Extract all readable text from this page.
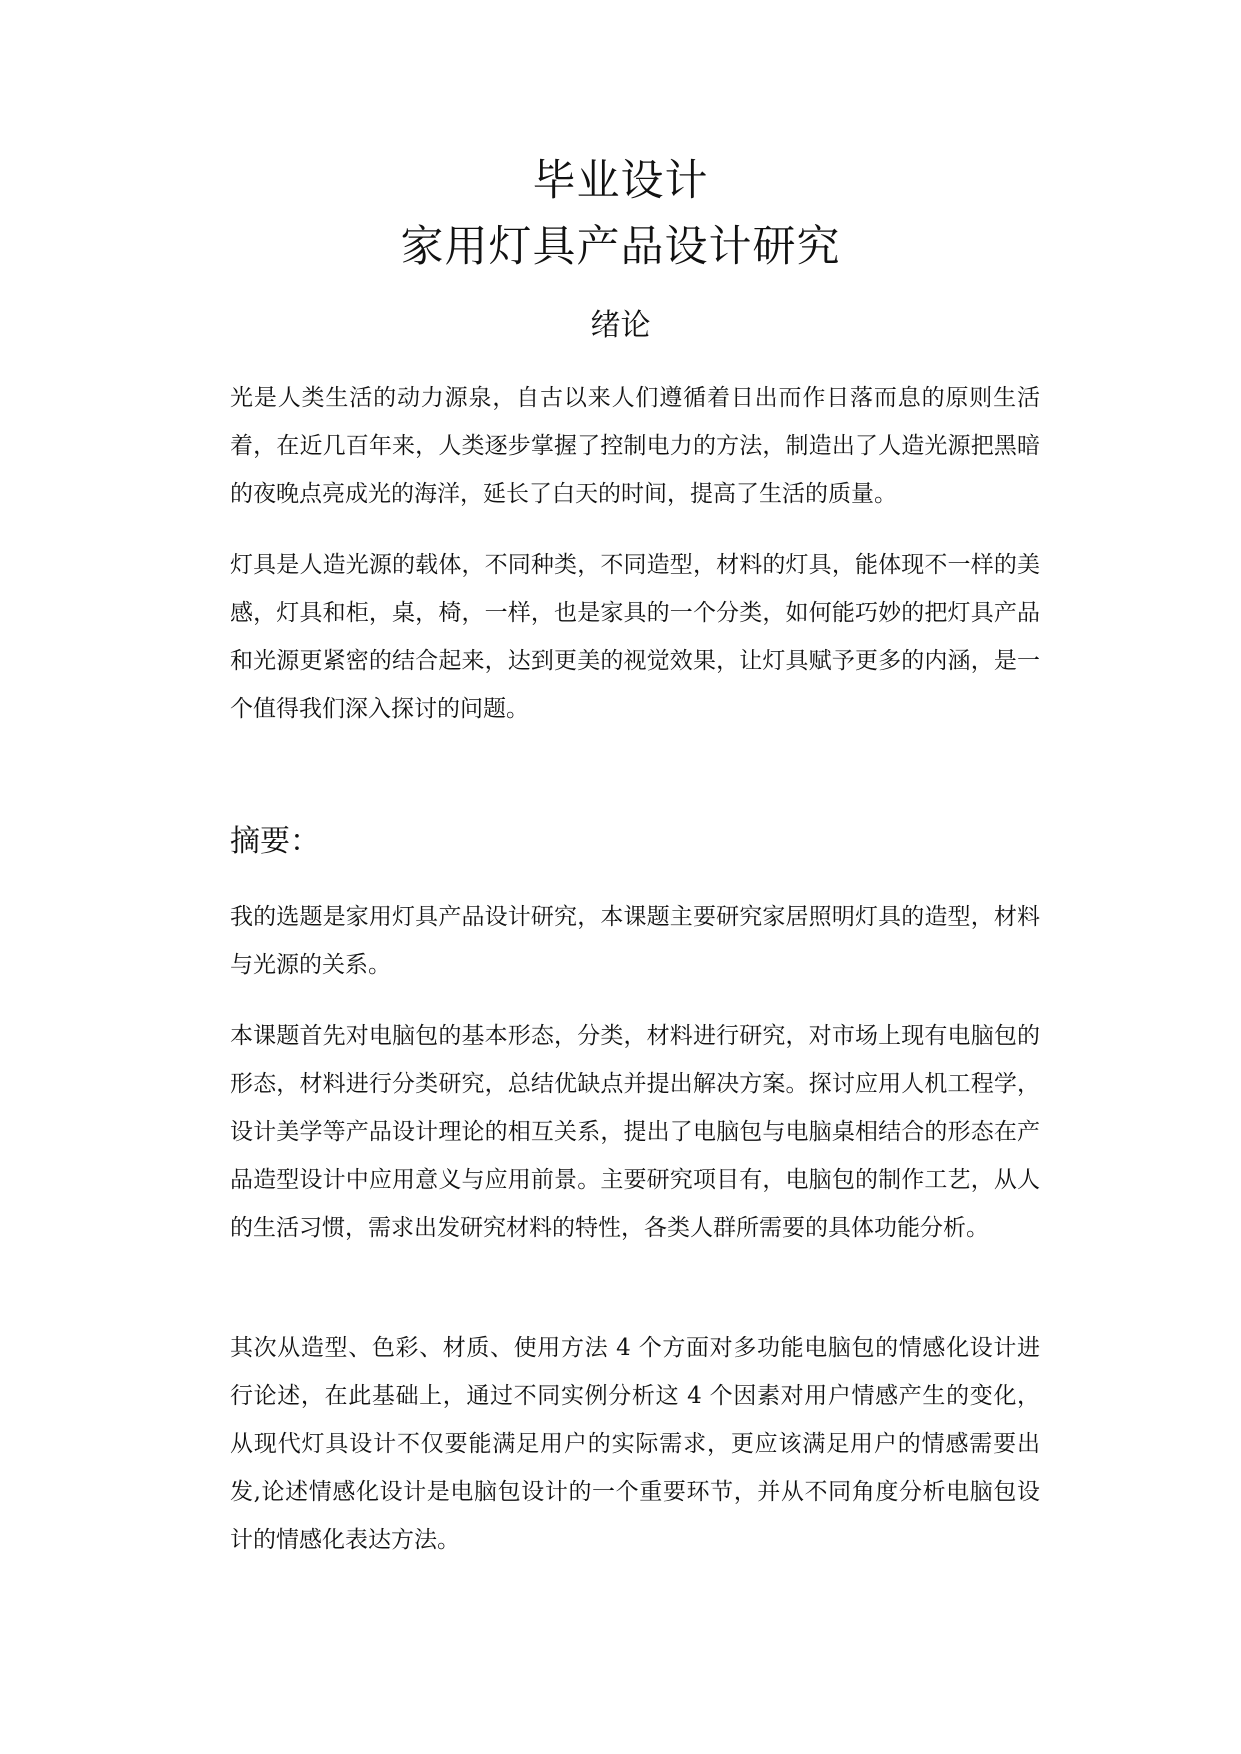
毕业设计
家用灯具产品设计研究
绪论

光是人类生活的动力源泉，自古以来人们遵循着日出而作日落而息的原则生活着，在近几百年来，人类逐步掌握了控制电力的方法，制造出了人造光源把黑暗的夜晚点亮成光的海洋，延长了白天的时间，提高了生活的质量。

灯具是人造光源的载体，不同种类，不同造型，材料的灯具，能体现不一样的美感，灯具和柜，桌，椅，一样，也是家具的一个分类，如何能巧妙的把灯具产品和光源更紧密的结合起来，达到更美的视觉效果，让灯具赋予更多的内涵，是一个值得我们深入探讨的问题。

摘要：

我的选题是家用灯具产品设计研究，本课题主要研究家居照明灯具的造型，材料与光源的关系。

本课题首先对电脑包的基本形态，分类，材料进行研究，对市场上现有电脑包的形态，材料进行分类研究，总结优缺点并提出解决方案。探讨应用人机工程学，设计美学等产品设计理论的相互关系，提出了电脑包与电脑桌相结合的形态在产品造型设计中应用意义与应用前景。主要研究项目有，电脑包的制作工艺，从人的生活习惯，需求出发研究材料的特性，各类人群所需要的具体功能分析。

其次从造型、色彩、材质、使用方法 4 个方面对多功能电脑包的情感化设计进行论述，在此基础上，通过不同实例分析这 4 个因素对用户情感产生的变化，从现代灯具设计不仅要能满足用户的实际需求，更应该满足用户的情感需要出发,论述情感化设计是电脑包设计的一个重要环节，并从不同角度分析电脑包设计的情感化表达方法。
